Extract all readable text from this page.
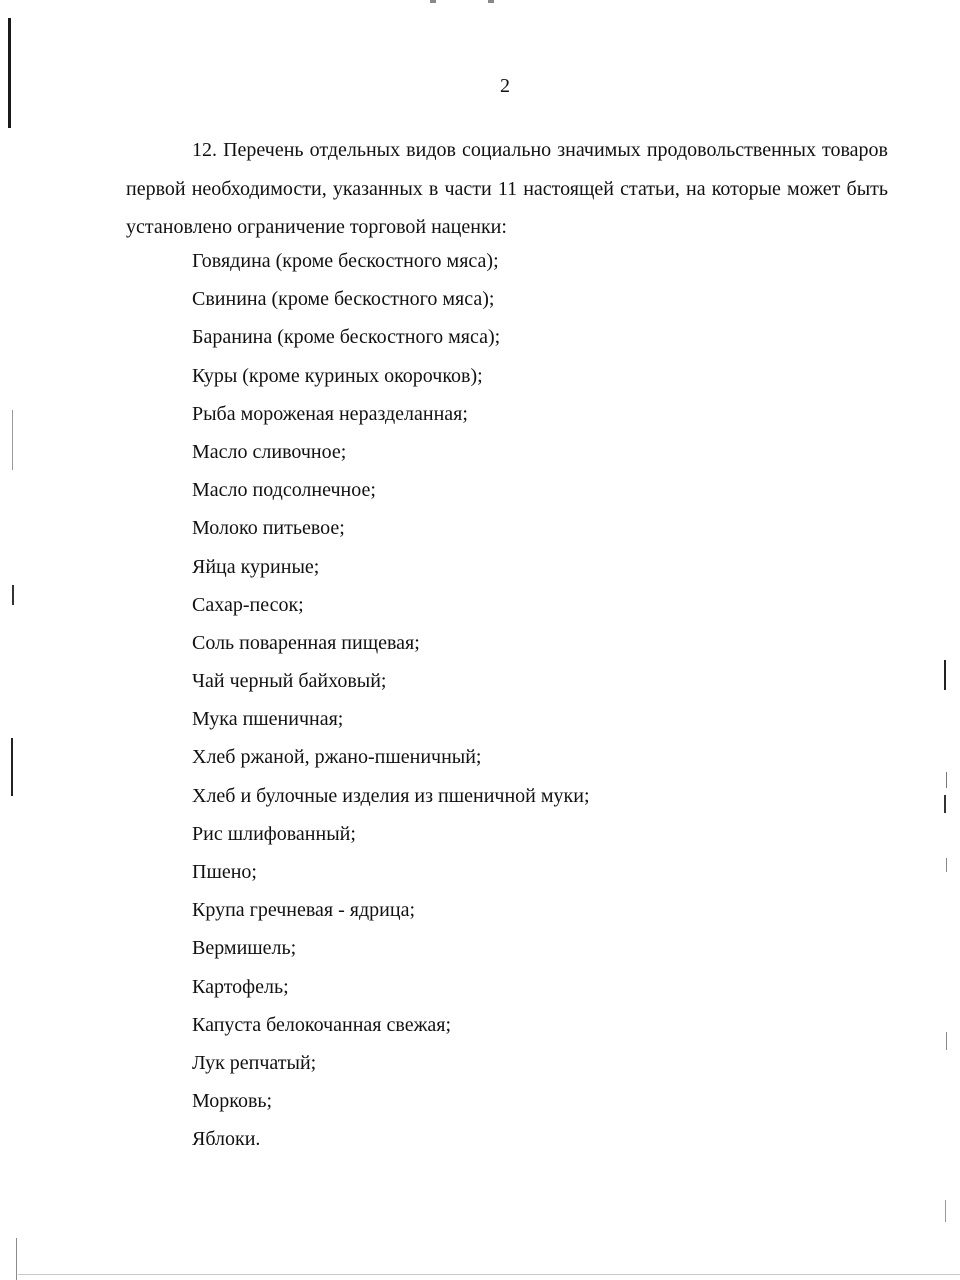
2

12. Перечень отдельных видов социально значимых продовольственных товаров первой необходимости, указанных в части 11 настоящей статьи, на которые может быть установлено ограничение торговой наценки:

Говядина (кроме бескостного мяса);
Свинина (кроме бескостного мяса);
Баранина (кроме бескостного мяса);
Куры (кроме куриных окорочков);
Рыба мороженая неразделанная;
Масло сливочное;
Масло подсолнечное;
Молоко питьевое;
Яйца куриные;
Сахар-песок;
Соль поваренная пищевая;
Чай черный байховый;
Мука пшеничная;
Хлеб ржаной, ржано-пшеничный;
Хлеб и булочные изделия из пшеничной муки;
Рис шлифованный;
Пшено;
Крупа гречневая - ядрица;
Вермишель;
Картофель;
Капуста белокочанная свежая;
Лук репчатый;
Морковь;
Яблоки.
